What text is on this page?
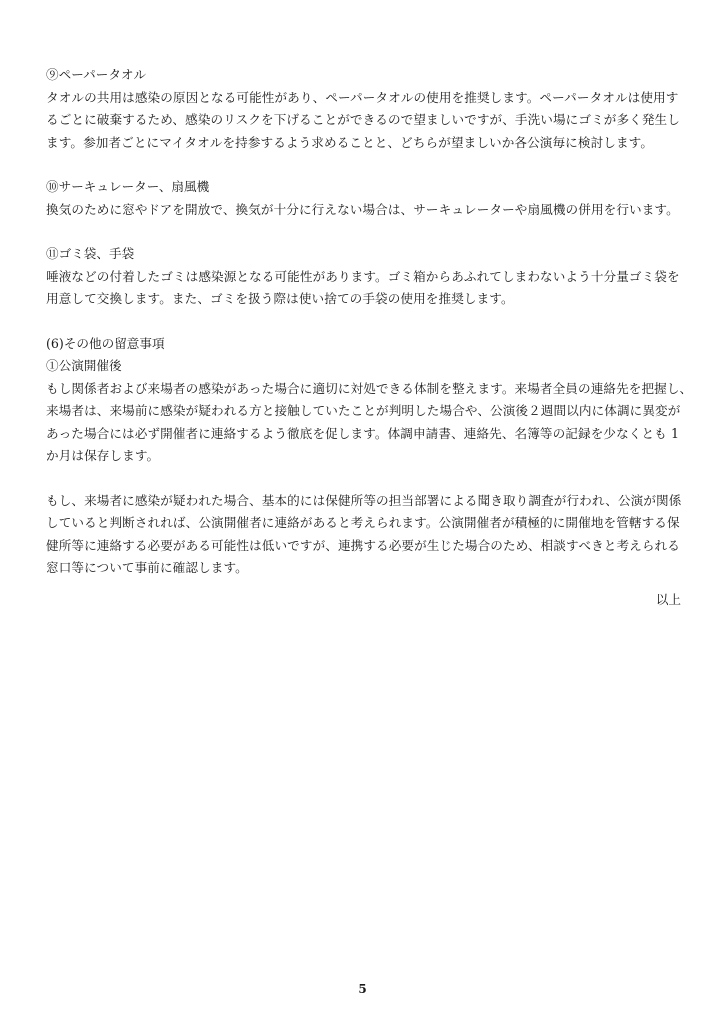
⑨ペーパータオル
タオルの共用は感染の原因となる可能性があり、ペーパータオルの使用を推奨します。ペーパータオルは使用す
るごとに破棄するため、感染のリスクを下げることができるので望ましいですが、手洗い場にゴミが多く発生し
ます。参加者ごとにマイタオルを持参するよう求めることと、どちらが望ましいか各公演毎に検討します。
⑩サーキュレーター、扇風機
換気のために窓やドアを開放で、換気が十分に行えない場合は、サーキュレーターや扇風機の併用を行います。
⑪ゴミ袋、手袋
唾液などの付着したゴミは感染源となる可能性があります。ゴミ箱からあふれてしまわないよう十分量ゴミ袋を
用意して交換します。また、ゴミを扱う際は使い捨ての手袋の使用を推奨します。
(6)その他の留意事項
①公演開催後
もし関係者および来場者の感染があった場合に適切に対処できる体制を整えます。来場者全員の連絡先を把握し、
来場者は、来場前に感染が疑われる方と接触していたことが判明した場合や、公演後２週間以内に体調に異変が
あった場合には必ず開催者に連絡するよう徹底を促します。体調申請書、連絡先、名簿等の記録を少なくとも 1
か月は保存します。
もし、来場者に感染が疑われた場合、基本的には保健所等の担当部署による聞き取り調査が行われ、公演が関係
していると判断されれば、公演開催者に連絡があると考えられます。公演開催者が積極的に開催地を管轄する保
健所等に連絡する必要がある可能性は低いですが、連携する必要が生じた場合のため、相談すべきと考えられる
窓口等について事前に確認します。
以上
5
